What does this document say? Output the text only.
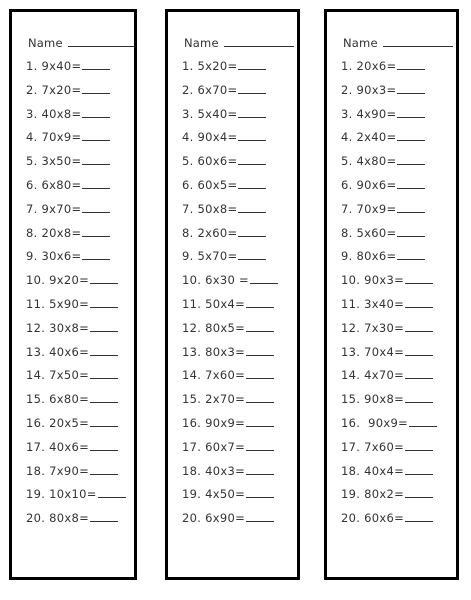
Name
1. 9x40=
2. 7x20=
3. 40x8=
4. 70x9=
5. 3x50=
6. 6x80=
7. 9x70=
8. 20x8=
9. 30x6=
10. 9x20=
11. 5x90=
12. 30x8=
13. 40x6=
14. 7x50=
15. 6x80=
16. 20x5=
17. 40x6=
18. 7x90=
19. 10x10=
20. 80x8=
Name
1. 5x20=
2. 6x70=
3. 5x40=
4. 90x4=
5. 60x6=
6. 60x5=
7. 50x8=
8. 2x60=
9. 5x70=
10. 6x30 =
11. 50x4=
12. 80x5=
13. 80x3=
14. 7x60=
15. 2x70=
16. 90x9=
17. 60x7=
18. 40x3=
19. 4x50=
20. 6x90=
Name
1. 20x6=
2. 90x3=
3. 4x90=
4. 2x40=
5. 4x80=
6. 90x6=
7. 70x9=
8. 5x60=
9. 80x6=
10. 90x3=
11. 3x40=
12. 7x30=
13. 70x4=
14. 4x70=
15. 90x8=
16.  90x9=
17. 7x60=
18. 40x4=
19. 80x2=
20. 60x6=
